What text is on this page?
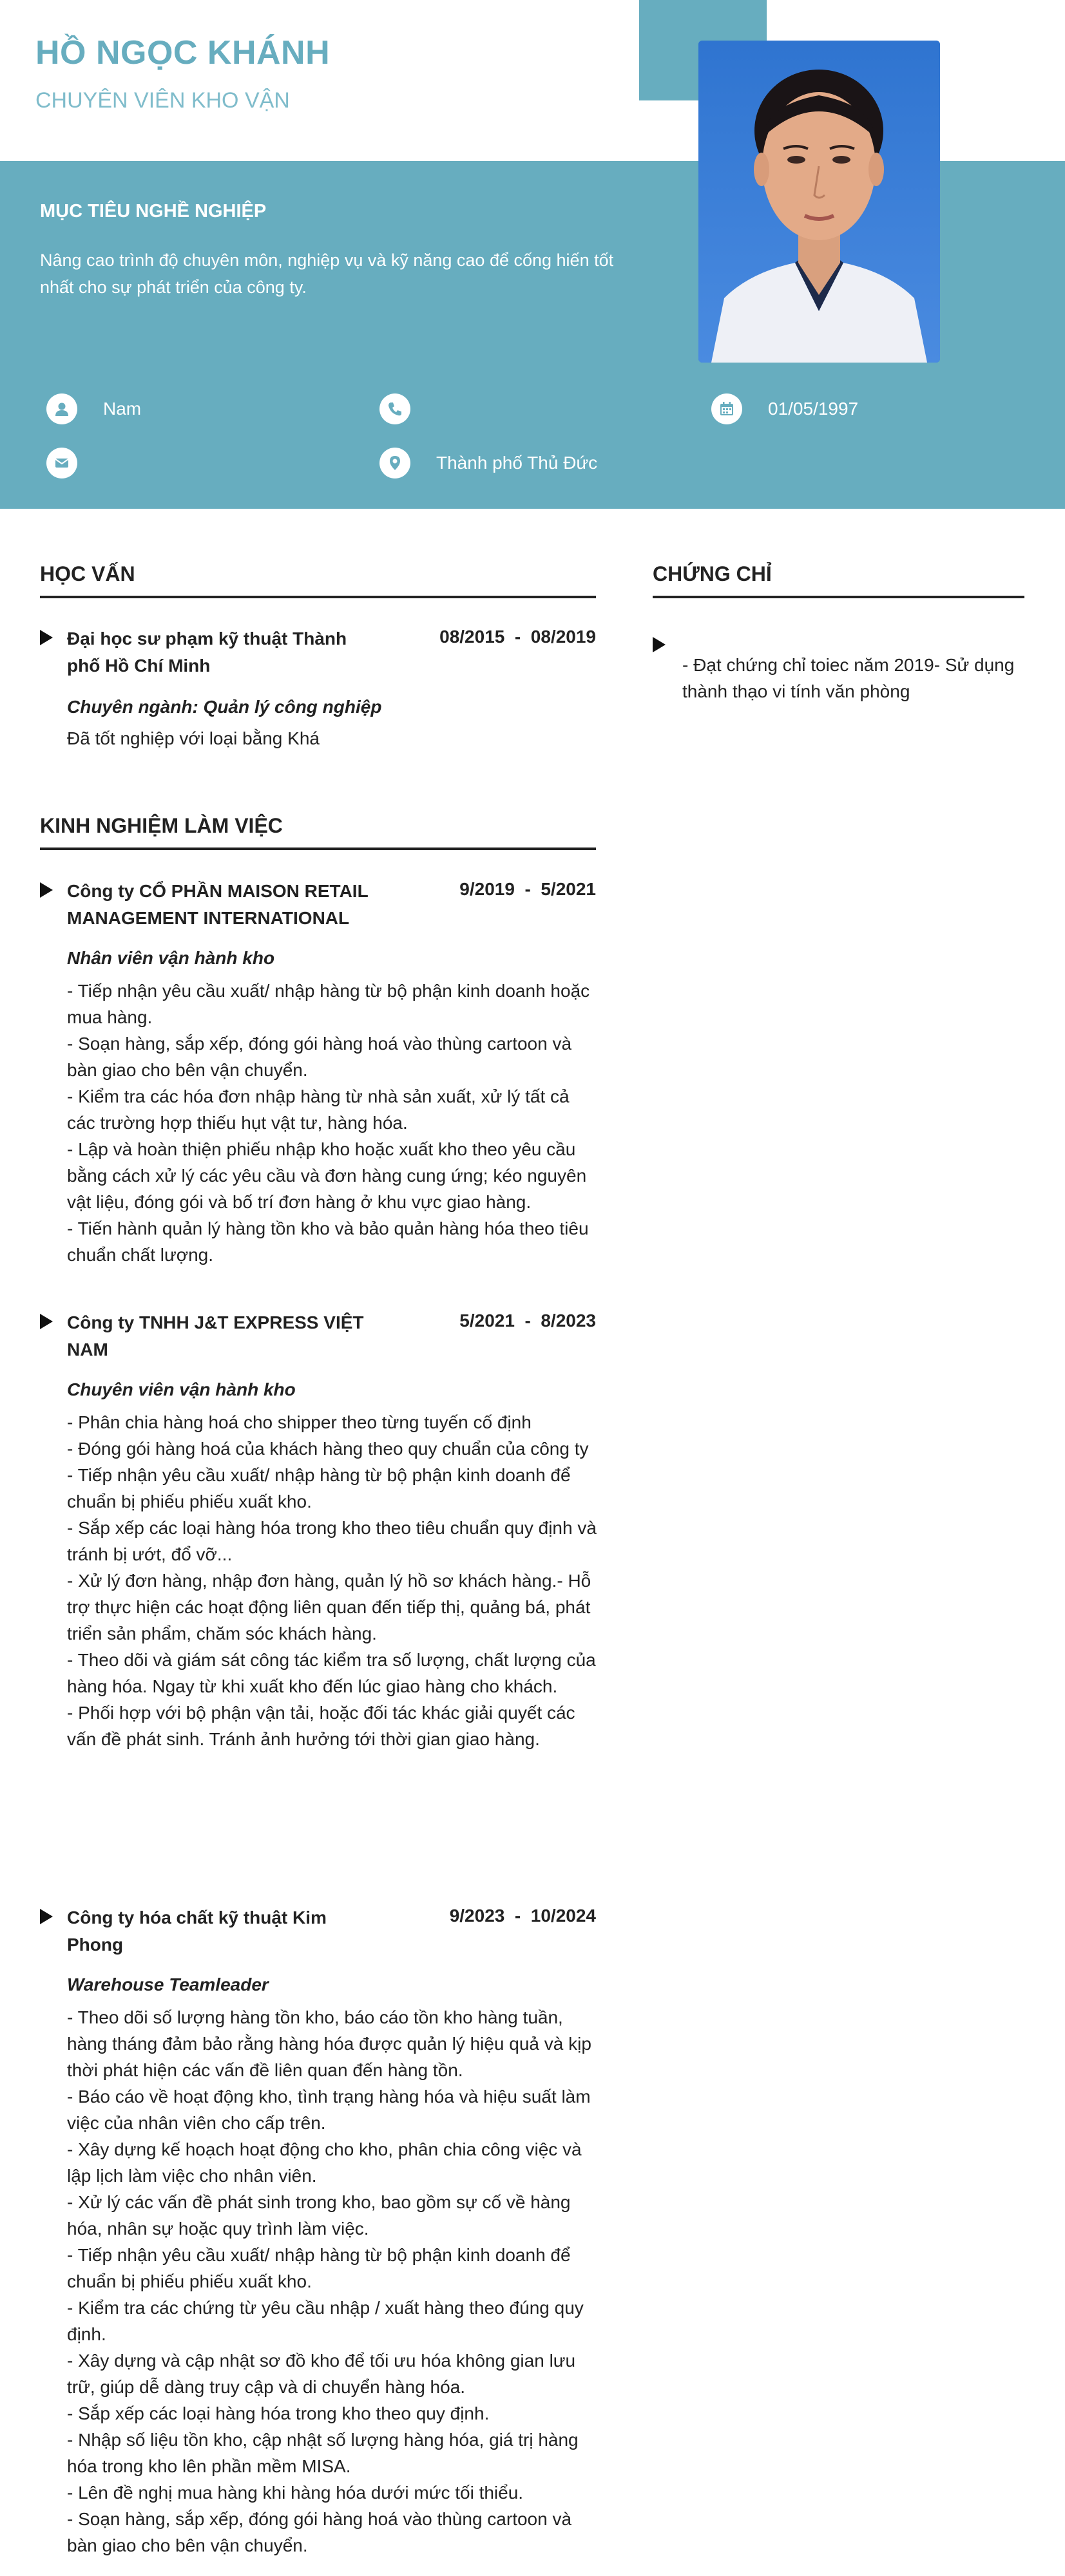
HỒ NGỌC KHÁNH
CHUYÊN VIÊN KHO VẬN
MỤC TIÊU NGHỀ NGHIỆP
Nâng cao trình độ chuyên môn, nghiệp vụ và kỹ năng cao để cống hiến tốt nhất cho sự phát triển của công ty.
Nam	01/05/1997
Thành phố Thủ Đức
HỌC VẤN
Đại học sư phạm kỹ thuật Thành phố Hồ Chí Minh
08/2015  -  08/2019
Chuyên ngành: Quản lý công nghiệp
Đã tốt nghiệp với loại bằng Khá
CHỨNG CHỈ
- Đạt chứng chỉ toiec năm 2019- Sử dụng thành thạo vi tính văn phòng
KINH NGHIỆM LÀM VIỆC
Công ty CỔ PHẦN MAISON RETAIL MANAGEMENT INTERNATIONAL
9/2019  -  5/2021
Nhân viên vận hành kho
- Tiếp nhận yêu cầu xuất/ nhập hàng từ bộ phận kinh doanh hoặc mua hàng.
- Soạn hàng, sắp xếp, đóng gói hàng hoá vào thùng cartoon và bàn giao cho bên vận chuyển.
- Kiểm tra các hóa đơn nhập hàng từ nhà sản xuất, xử lý tất cả các trường hợp thiếu hụt vật tư, hàng hóa.
- Lập và hoàn thiện phiếu nhập kho hoặc xuất kho theo yêu cầu bằng cách xử lý các yêu cầu và đơn hàng cung ứng; kéo nguyên vật liệu, đóng gói và bố trí đơn hàng ở khu vực giao hàng.
- Tiến hành quản lý hàng tồn kho và bảo quản hàng hóa theo tiêu chuẩn chất lượng.
Công ty TNHH J&T EXPRESS VIỆT NAM
5/2021  -  8/2023
Chuyên viên vận hành kho
- Phân chia hàng hoá cho shipper theo từng tuyến cố định
- Đóng gói hàng hoá của khách hàng theo quy chuẩn của công ty
- Tiếp nhận yêu cầu xuất/ nhập hàng từ bộ phận kinh doanh để chuẩn bị phiếu phiếu xuất kho.
- Sắp xếp các loại hàng hóa trong kho theo tiêu chuẩn quy định và tránh bị ướt, đổ vỡ...
- Xử lý đơn hàng, nhập đơn hàng, quản lý hồ sơ khách hàng.- Hỗ trợ thực hiện các hoạt động liên quan đến tiếp thị, quảng bá, phát triển sản phẩm, chăm sóc khách hàng.
- Theo dõi và giám sát công tác kiểm tra số lượng, chất lượng của hàng hóa. Ngay từ khi xuất kho đến lúc giao hàng cho khách.
- Phối hợp với bộ phận vận tải, hoặc đối tác khác giải quyết các vấn đề phát sinh. Tránh ảnh hưởng tới thời gian giao hàng.
Công ty hóa chất kỹ thuật Kim Phong
9/2023  -  10/2024
Warehouse Teamleader
- Theo dõi số lượng hàng tồn kho, báo cáo tồn kho hàng tuần, hàng tháng đảm bảo rằng hàng hóa được quản lý hiệu quả và kịp thời phát hiện các vấn đề liên quan đến hàng tồn.
- Báo cáo về hoạt động kho, tình trạng hàng hóa và hiệu suất làm việc của nhân viên cho cấp trên.
- Xây dựng kế hoạch hoạt động cho kho, phân chia công việc và lập lịch làm việc cho nhân viên.
- Xử lý các vấn đề phát sinh trong kho, bao gồm sự cố về hàng hóa, nhân sự hoặc quy trình làm việc.
- Tiếp nhận yêu cầu xuất/ nhập hàng từ bộ phận kinh doanh để chuẩn bị phiếu phiếu xuất kho.
- Kiểm tra các chứng từ yêu cầu nhập / xuất hàng theo đúng quy định.
- Xây dựng và cập nhật sơ đồ kho để tối ưu hóa không gian lưu trữ, giúp dễ dàng truy cập và di chuyển hàng hóa.
- Sắp xếp các loại hàng hóa trong kho theo quy định.
- Nhập số liệu tồn kho, cập nhật số lượng hàng hóa, giá trị hàng hóa trong kho lên phần mềm MISA.
- Lên đề nghị mua hàng khi hàng hóa dưới mức tối thiểu.
- Soạn hàng, sắp xếp, đóng gói hàng hoá vào thùng cartoon và bàn giao cho bên vận chuyển.
